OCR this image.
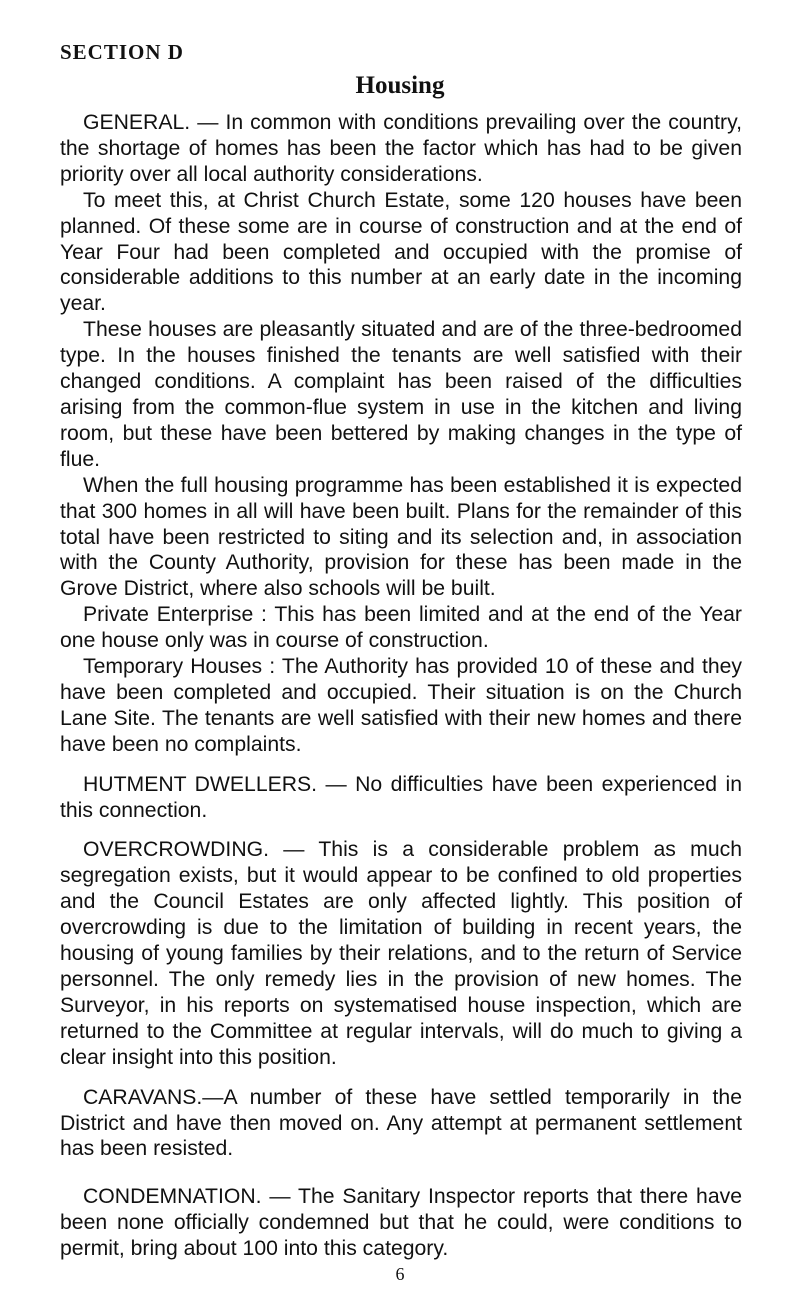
SECTION D
Housing

GENERAL. — In common with conditions prevailing over the country, the shortage of homes has been the factor which has had to be given priority over all local authority considerations.

To meet this, at Christ Church Estate, some 120 houses have been planned. Of these some are in course of construction and at the end of Year Four had been completed and occupied with the promise of considerable additions to this number at an early date in the incoming year.

These houses are pleasantly situated and are of the three-bedroomed type. In the houses finished the tenants are well satisfied with their changed conditions. A complaint has been raised of the difficulties arising from the common-flue system in use in the kitchen and living room, but these have been bettered by making changes in the type of flue.

When the full housing programme has been established it is expected that 300 homes in all will have been built. Plans for the remainder of this total have been restricted to siting and its selection and, in association with the County Authority, provision for these has been made in the Grove District, where also schools will be built.

Private Enterprise : This has been limited and at the end of the Year one house only was in course of construction.

Temporary Houses : The Authority has provided 10 of these and they have been completed and occupied. Their situation is on the Church Lane Site. The tenants are well satisfied with their new homes and there have been no complaints.

HUTMENT DWELLERS. — No difficulties have been experienced in this connection.

OVERCROWDING. — This is a considerable problem as much segregation exists, but it would appear to be confined to old properties and the Council Estates are only affected lightly. This position of overcrowding is due to the limitation of building in recent years, the housing of young families by their relations, and to the return of Service personnel. The only remedy lies in the provision of new homes. The Surveyor, in his reports on systematised house inspection, which are returned to the Committee at regular intervals, will do much to giving a clear insight into this position.

CARAVANS.—A number of these have settled temporarily in the District and have then moved on. Any attempt at permanent settlement has been resisted.

CONDEMNATION. — The Sanitary Inspector reports that there have been none officially condemned but that he could, were conditions to permit, bring about 100 into this category.

6
